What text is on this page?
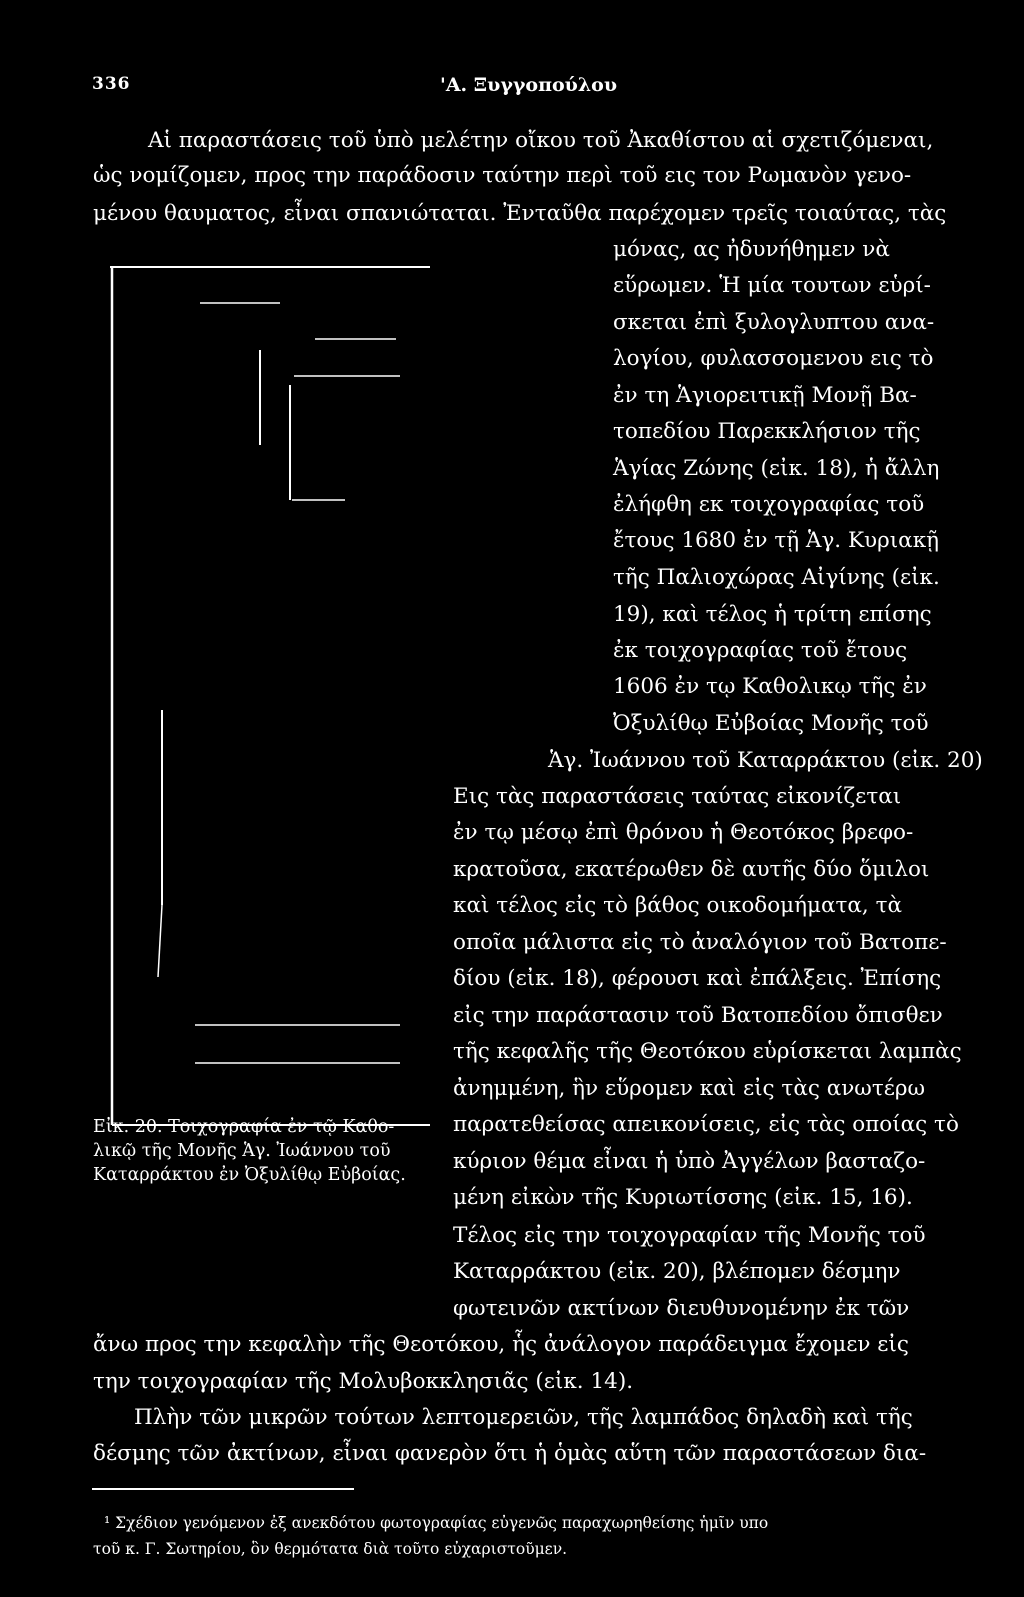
336	'Α. Ξυγγοπούλου
Αἱ παραστάσεις τοῦ ὑπὸ μελέτην οἴκου τοῦ Ἀκαθίστου αἱ σχετιζόμεναι,
ὡς νομίζομεν, προς την παράδοσιν ταύτην περὶ τοῦ εις τον Ρωμανὸν γενο-
μένου θαυματος, εἶναι σπανιώταται. Ἐνταῦθα παρέχομεν τρεῖς τοιαύτας, τὰς
μόνας, ας ἠδυνήθημεν νὰ
εὕρωμεν. Ἡ μία τουτων εὑρί-
σκεται ἐπὶ ξυλογλυπτου ανα-
λογίου, φυλασσομενου εις τὸ
ἐν τη Ἁγιορειτικῇ Μονῇ Βα-
τοπεδίου Παρεκκλήσιον τῆς
Ἁγίας Ζώνης (εἰκ. 18), ἡ ἄλλη
ἐλήφθη εκ τοιχογραφίας τοῦ
ἔτους 1680 ἐν τῇ Ἁγ. Κυριακῇ
τῆς Παλιοχώρας Αἰγίνης (εἰκ.
19), καὶ τέλος ἡ τρίτη επίσης
ἐκ τοιχογραφίας τοῦ ἔτους
1606 ἐν τῳ Καθολικῳ τῆς ἐν
Ὀξυλίθῳ Εὐβοίας Μονῆς τοῦ
Ἁγ. Ἰωάννου τοῦ Καταρράκτου (εἰκ. 20)
Εις τὰς παραστάσεις ταύτας εἰκονίζεται
ἐν τῳ μέσῳ ἐπὶ θρόνου ἡ Θεοτόκος βρεφο-
κρατοῦσα, εκατέρωθεν δὲ αυτῆς δύο ὅμιλοι
καὶ τέλος εἰς τὸ βάθος οικοδομήματα, τὰ
οποῖα μάλιστα εἰς τὸ ἀναλόγιον τοῦ Βατοπε-
δίου (εἰκ. 18), φέρουσι καὶ ἐπάλξεις. Ἐπίσης
εἰς την παράστασιν τοῦ Βατοπεδίου ὄπισθεν
τῆς κεφαλῆς τῆς Θεοτόκου εὑρίσκεται λαμπὰς
ἀνημμένη, ἣν εὕρομεν καὶ εἰς τὰς ανωτέρω
παρατεθείσας απεικονίσεις, εἰς τὰς οποίας τὸ
κύριον θέμα εἶναι ἡ ὑπὸ Ἀγγέλων βασταζο-
μένη εἰκὼν τῆς Κυριωτίσσης (εἰκ. 15, 16).
Τέλος εἰς την τοιχογραφίαν τῆς Μονῆς τοῦ
Καταρράκτου (εἰκ. 20), βλέπομεν δέσμην
φωτεινῶν ακτίνων διευθυνομένην ἐκ τῶν
Εἰκ. 20. Τοιχογραφία ἐν τῷ Καθο-
λικῷ τῆς Μονῆς Ἁγ. Ἰωάννου τοῦ
Καταρράκτου ἐν Ὀξυλίθῳ Εὐβοίας.
ἄνω προς την κεφαλὴν τῆς Θεοτόκου, ἧς ἀνάλογον παράδειγμα ἔχομεν εἰς
την τοιχογραφίαν τῆς Μολυβοκκλησιᾶς (εἰκ. 14).
Πλὴν τῶν μικρῶν τούτων λεπτομερειῶν, τῆς λαμπάδος δηλαδὴ καὶ τῆς
δέσμης τῶν ἀκτίνων, εἶναι φανερὸν ὅτι ἡ ὁμὰς αὕτη τῶν παραστάσεων δια-
¹ Σχέδιον γενόμενον ἐξ ανεκδότου φωτογραφίας εὐγενῶς παραχωρηθείσης ἡμῖν υπο
τοῦ κ. Γ. Σωτηρίου, ὃν θερμότατα διὰ τοῦτο εὐχαριστοῦμεν.
